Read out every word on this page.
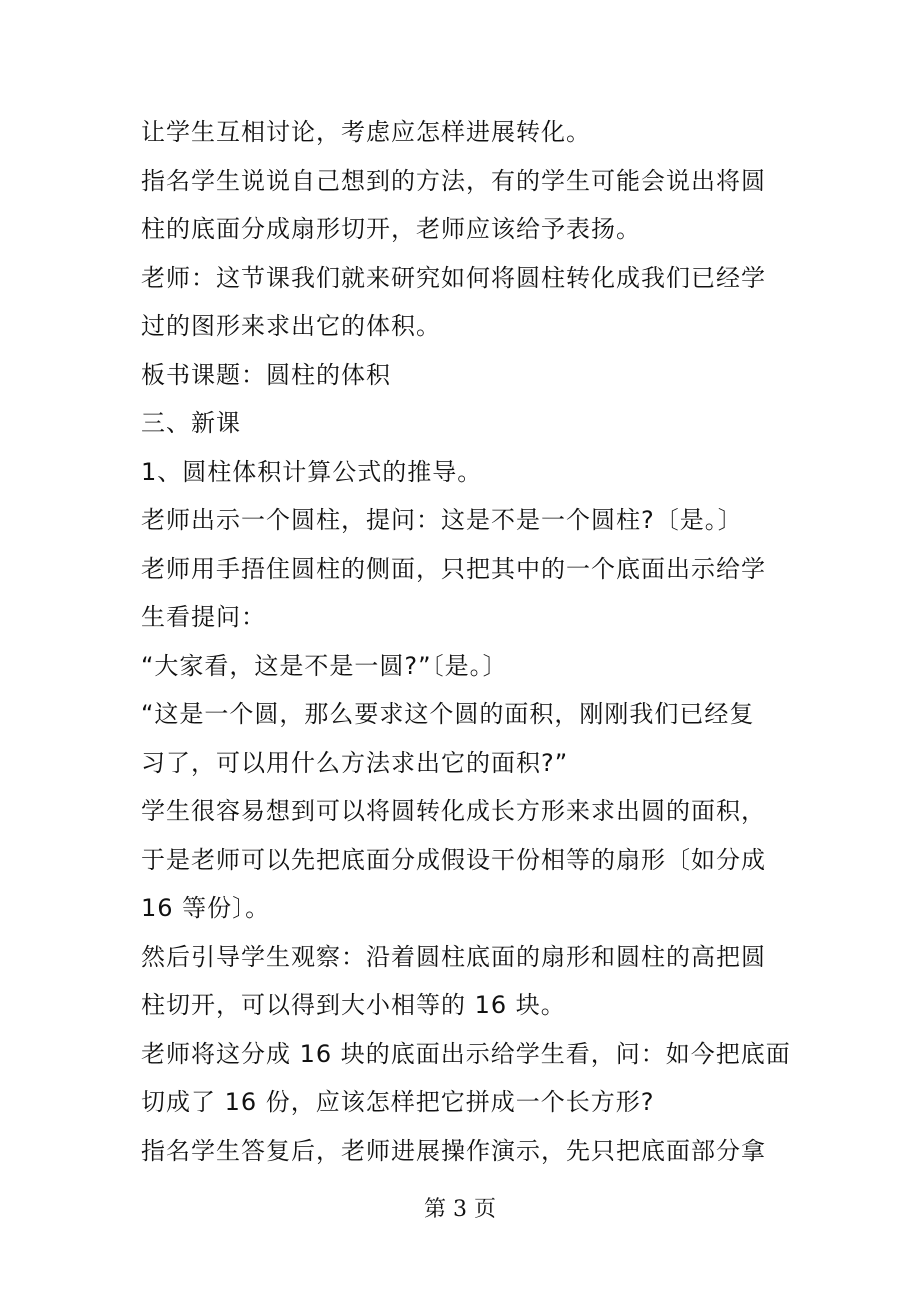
让学生互相讨论，考虑应怎样进展转化。
指名学生说说自己想到的方法，有的学生可能会说出将圆
柱的底面分成扇形切开，老师应该给予表扬。
老师：这节课我们就来研究如何将圆柱转化成我们已经学
过的图形来求出它的体积。
板书课题：圆柱的体积
三、新课
1、圆柱体积计算公式的推导。
老师出示一个圆柱，提问：这是不是一个圆柱?〔是。〕
老师用手捂住圆柱的侧面，只把其中的一个底面出示给学
生看提问：
“大家看，这是不是一圆?”〔是。〕
“这是一个圆，那么要求这个圆的面积，刚刚我们已经复
习了，可以用什么方法求出它的面积?”
学生很容易想到可以将圆转化成长方形来求出圆的面积，
于是老师可以先把底面分成假设干份相等的扇形〔如分成
16 等份〕。
然后引导学生观察：沿着圆柱底面的扇形和圆柱的高把圆
柱切开，可以得到大小相等的 16 块。
老师将这分成 16 块的底面出示给学生看，问：如今把底面
切成了 16 份，应该怎样把它拼成一个长方形?
指名学生答复后，老师进展操作演示，先只把底面部分拿
第 3 页
